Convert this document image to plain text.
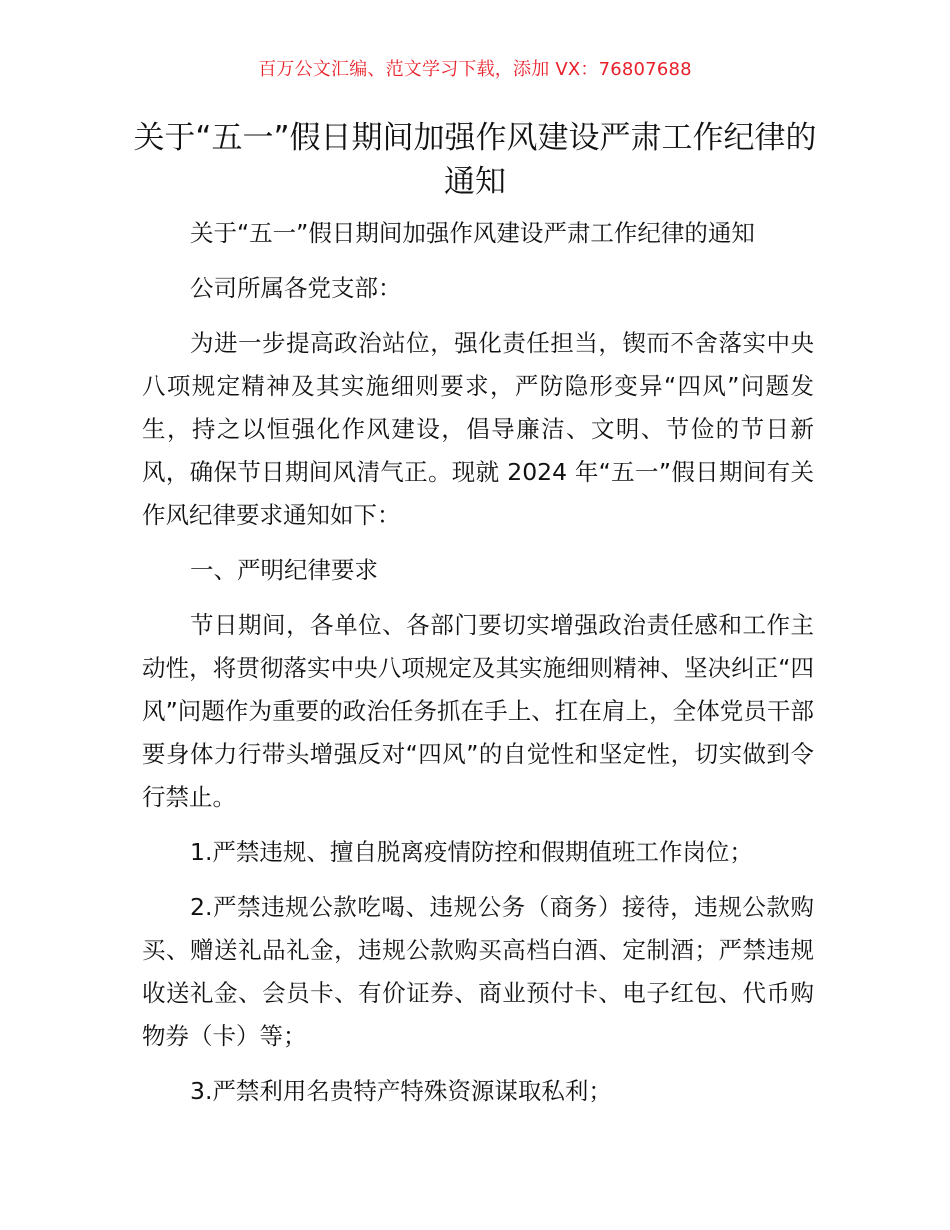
百万公文汇编、范文学习下载，添加 VX：76807688
关于“五一”假日期间加强作风建设严肃工作纪律的通知

关于“五一”假日期间加强作风建设严肃工作纪律的通知

公司所属各党支部：

为进一步提高政治站位，强化责任担当，锲而不舍落实中央八项规定精神及其实施细则要求，严防隐形变异“四风”问题发生，持之以恒强化作风建设，倡导廉洁、文明、节俭的节日新风，确保节日期间风清气正。现就 2024 年“五一”假日期间有关作风纪律要求通知如下：

一、严明纪律要求

节日期间，各单位、各部门要切实增强政治责任感和工作主动性，将贯彻落实中央八项规定及其实施细则精神、坚决纠正“四风”问题作为重要的政治任务抓在手上、扛在肩上，全体党员干部要身体力行带头增强反对“四风”的自觉性和坚定性，切实做到令行禁止。

1.严禁违规、擅自脱离疫情防控和假期值班工作岗位；

2.严禁违规公款吃喝、违规公务（商务）接待，违规公款购买、赠送礼品礼金，违规公款购买高档白酒、定制酒；严禁违规收送礼金、会员卡、有价证券、商业预付卡、电子红包、代币购物券（卡）等；

3.严禁利用名贵特产特殊资源谋取私利；
